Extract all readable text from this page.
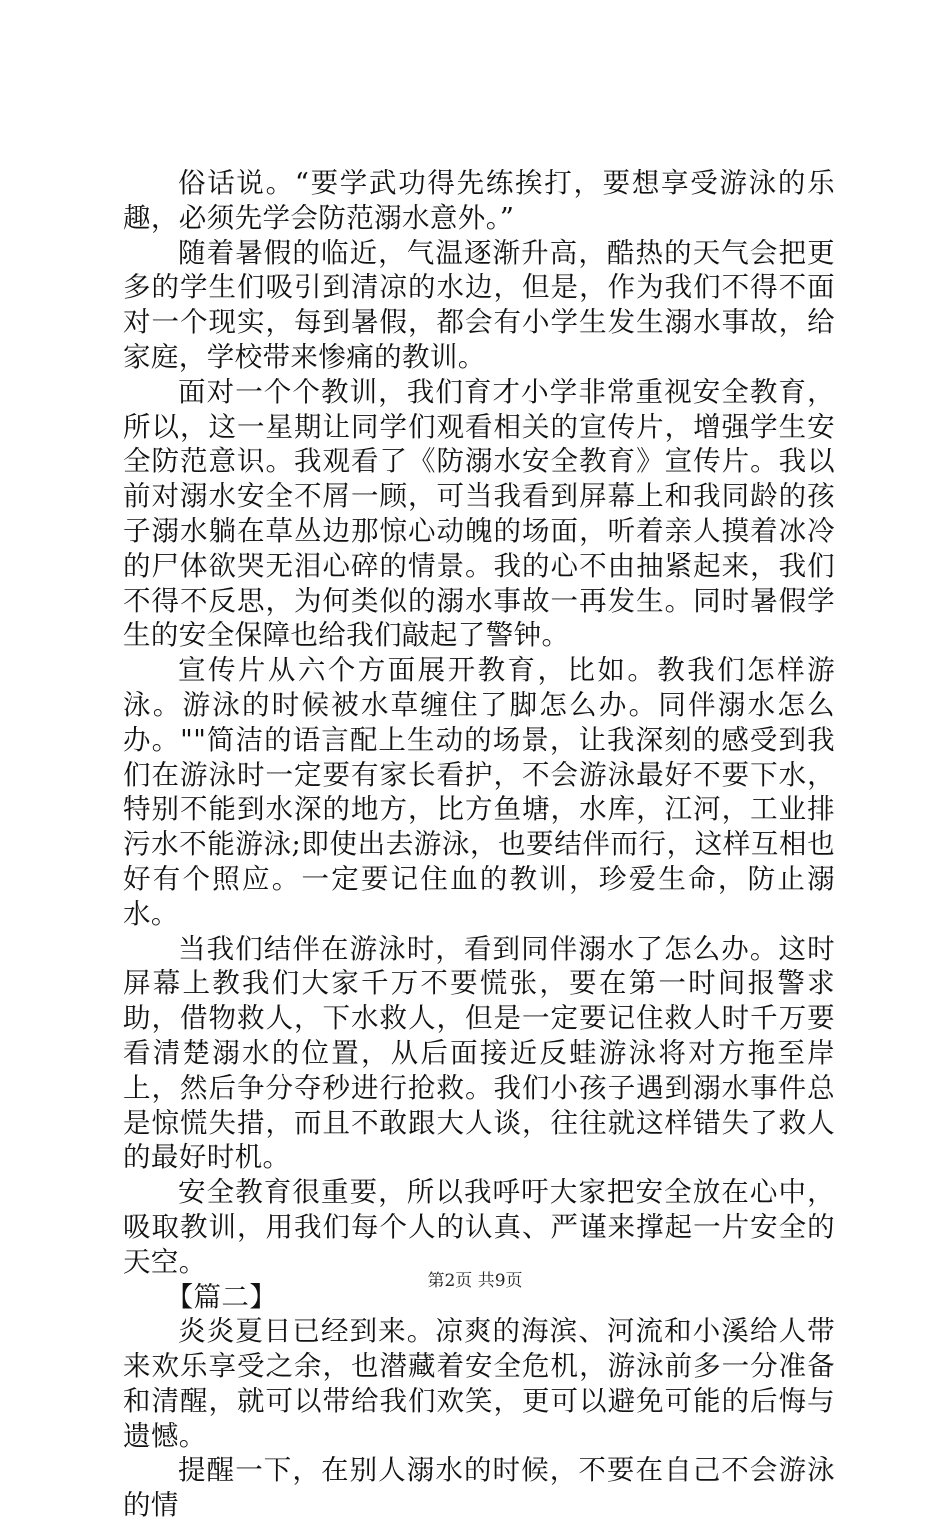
俗话说。“要学武功得先练挨打，要想享受游泳的乐趣，必须先学会防范溺水意外。”

随着暑假的临近，气温逐渐升高，酷热的天气会把更多的学生们吸引到清凉的水边，但是，作为我们不得不面对一个现实，每到暑假，都会有小学生发生溺水事故，给家庭，学校带来惨痛的教训。

面对一个个教训，我们育才小学非常重视安全教育，所以，这一星期让同学们观看相关的宣传片，增强学生安全防范意识。我观看了《防溺水安全教育》宣传片。我以前对溺水安全不屑一顾，可当我看到屏幕上和我同龄的孩子溺水躺在草丛边那惊心动魄的场面，听着亲人摸着冰冷的尸体欲哭无泪心碎的情景。我的心不由抽紧起来，我们不得不反思，为何类似的溺水事故一再发生。同时暑假学生的安全保障也给我们敲起了警钟。

宣传片从六个方面展开教育，比如。教我们怎样游泳。游泳的时候被水草缠住了脚怎么办。同伴溺水怎么办。""简洁的语言配上生动的场景，让我深刻的感受到我们在游泳时一定要有家长看护，不会游泳最好不要下水，特别不能到水深的地方，比方鱼塘，水库，江河，工业排污水不能游泳;即使出去游泳，也要结伴而行，这样互相也好有个照应。一定要记住血的教训，珍爱生命，防止溺水。

当我们结伴在游泳时，看到同伴溺水了怎么办。这时屏幕上教我们大家千万不要慌张，要在第一时间报警求助，借物救人，下水救人，但是一定要记住救人时千万要看清楚溺水的位置，从后面接近反蛙游泳将对方拖至岸上，然后争分夺秒进行抢救。我们小孩子遇到溺水事件总是惊慌失措，而且不敢跟大人谈，往往就这样错失了救人的最好时机。

安全教育很重要，所以我呼吁大家把安全放在心中，吸取教训，用我们每个人的认真、严谨来撑起一片安全的天空。

【篇二】

炎炎夏日已经到来。凉爽的海滨、河流和小溪给人带来欢乐享受之余，也潜藏着安全危机，游泳前多一分准备和清醒，就可以带给我们欢笑，更可以避免可能的后悔与遗憾。

提醒一下，在别人溺水的时候，不要在自己不会游泳的情

第2页 共9页
